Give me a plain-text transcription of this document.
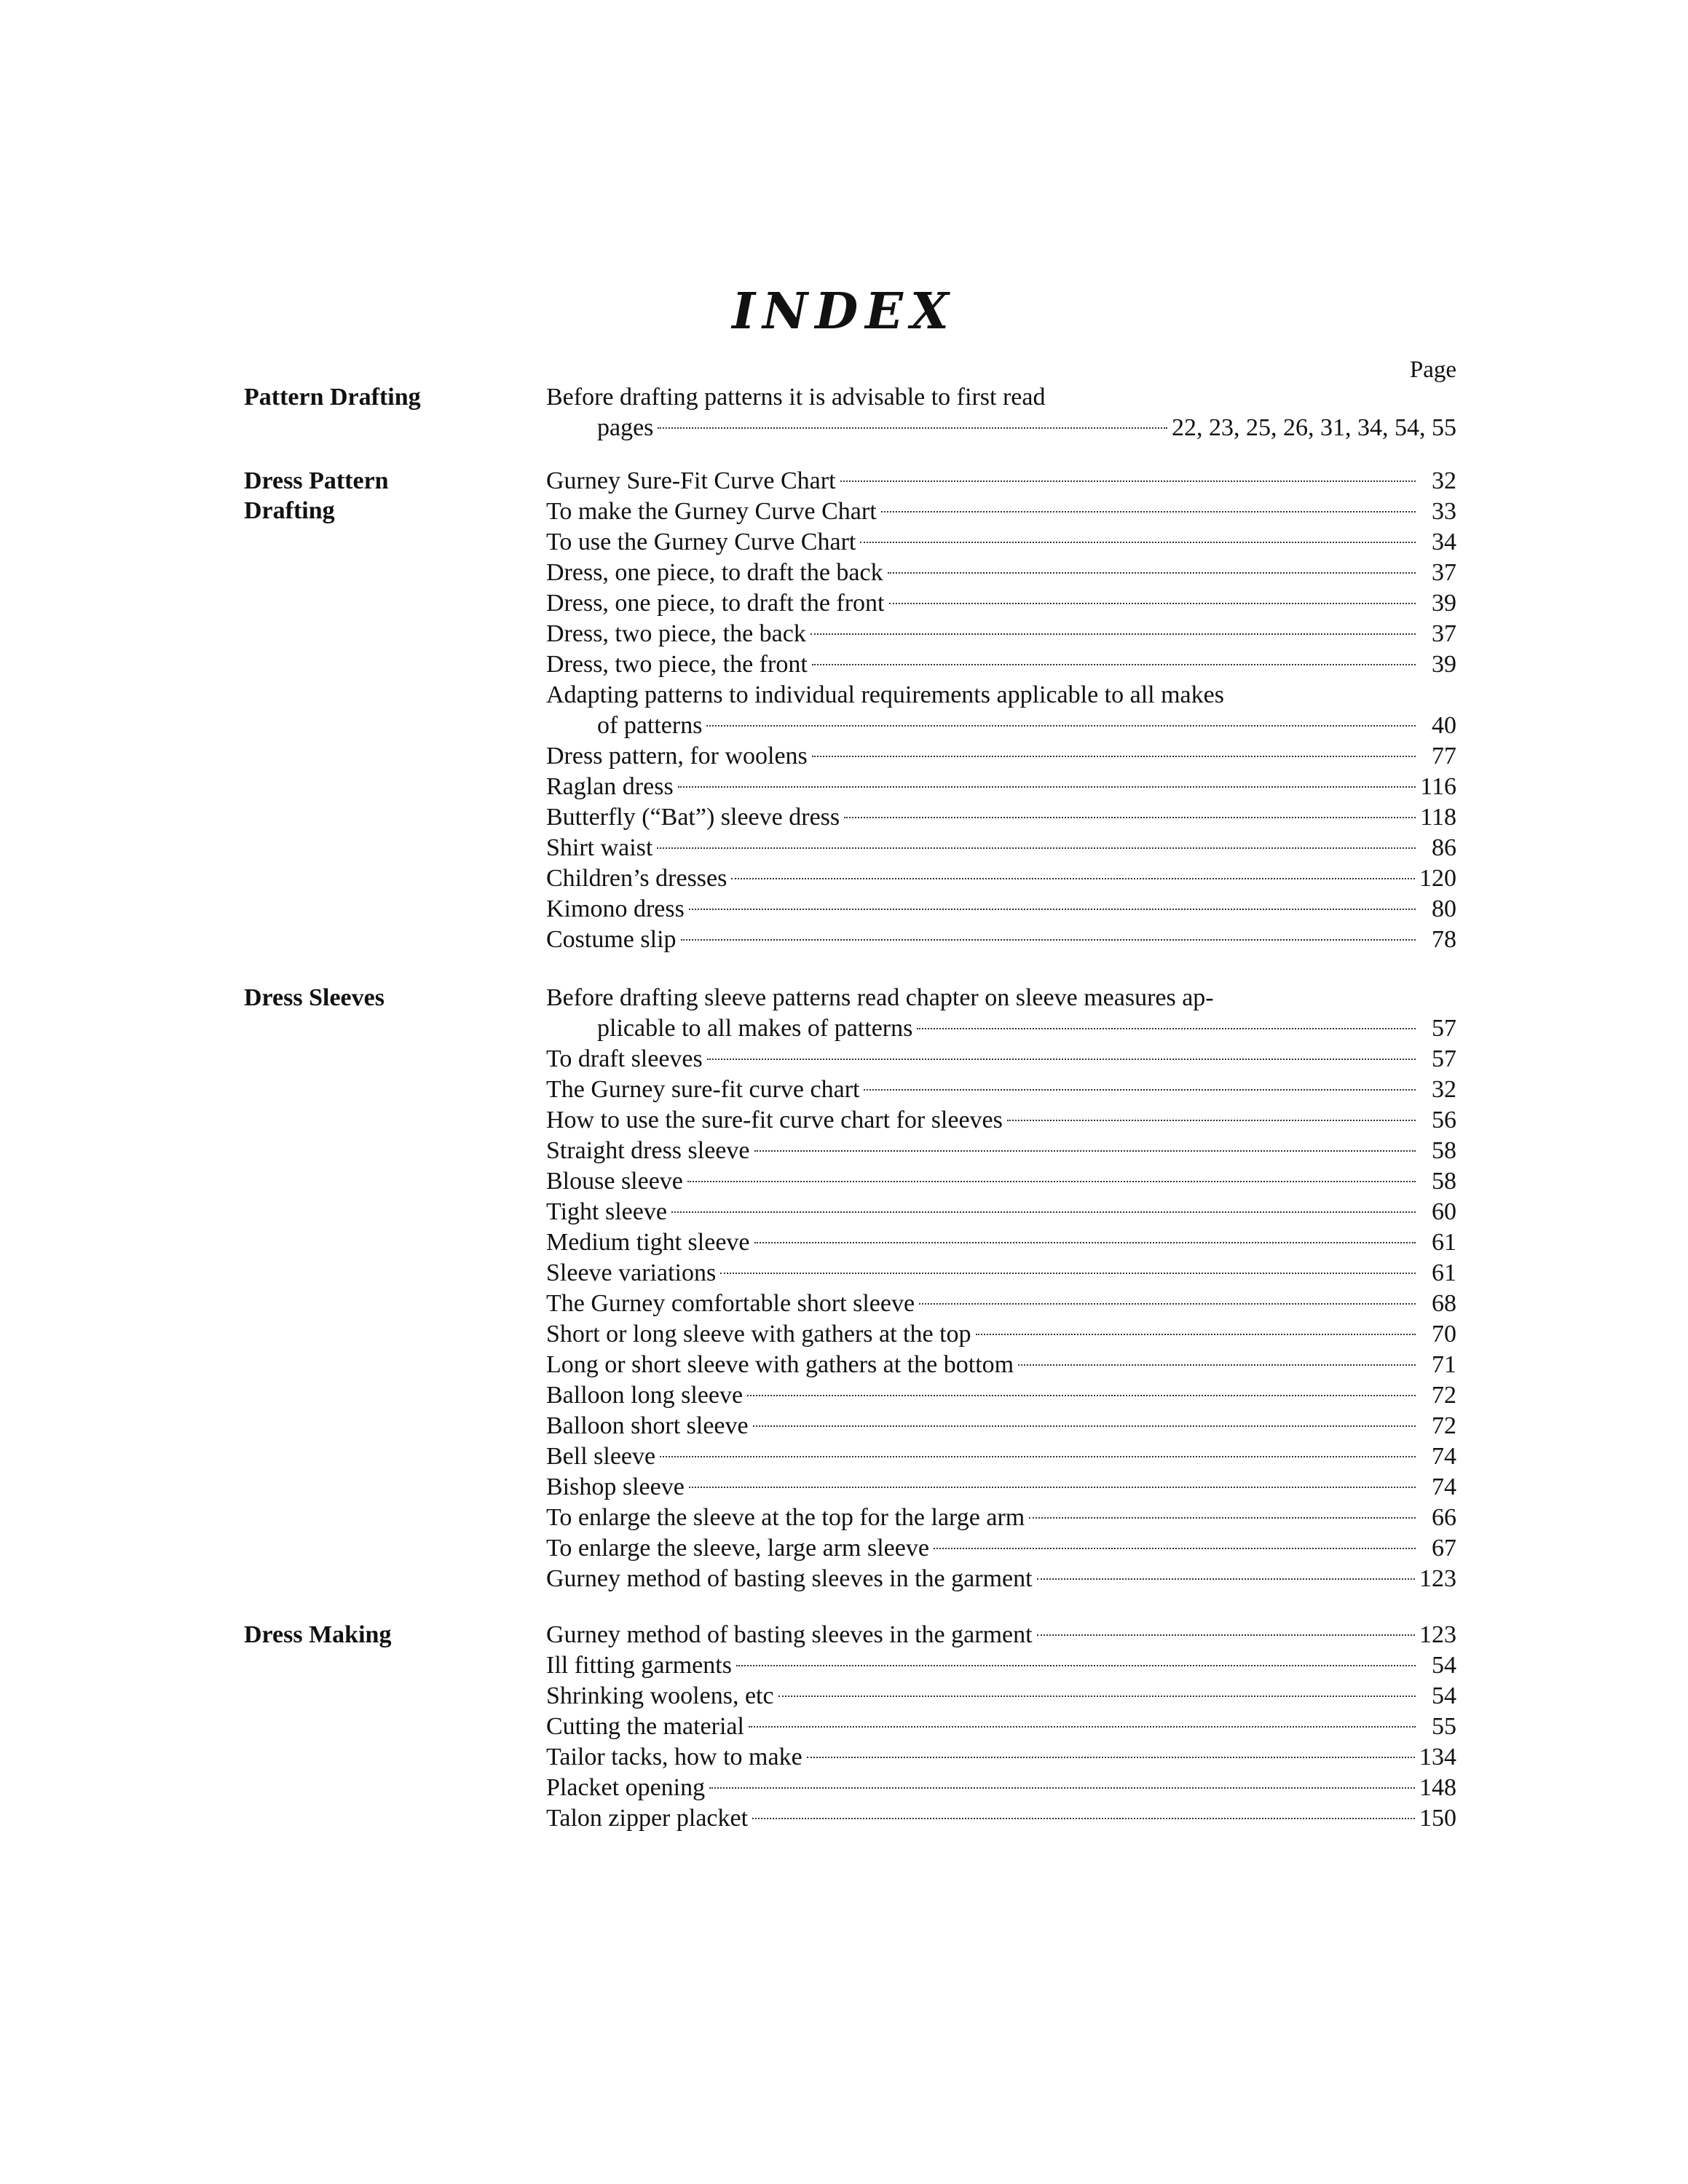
INDEX
Page
Pattern Drafting	Before drafting patterns it is advisable to first read
pages	22, 23, 25, 26, 31, 34, 54, 55
Dress Pattern
Drafting
Gurney Sure-Fit Curve Chart	32
To make the Gurney Curve Chart	33
To use the Gurney Curve Chart	34
Dress, one piece, to draft the back	37
Dress, one piece, to draft the front	39
Dress, two piece, the back	37
Dress, two piece, the front	39
Adapting patterns to individual requirements applicable to all makes
of patterns	40
Dress pattern, for woolens	77
Raglan dress	116
Butterfly (“Bat”) sleeve dress	118
Shirt waist	86
Children’s dresses	120
Kimono dress	80
Costume slip	78
Dress Sleeves	Before drafting sleeve patterns read chapter on sleeve measures ap-
plicable to all makes of patterns	57
To draft sleeves	57
The Gurney sure-fit curve chart	32
How to use the sure-fit curve chart for sleeves	56
Straight dress sleeve	58
Blouse sleeve	58
Tight sleeve	60
Medium tight sleeve	61
Sleeve variations	61
The Gurney comfortable short sleeve	68
Short or long sleeve with gathers at the top	70
Long or short sleeve with gathers at the bottom	71
Balloon long sleeve	72
Balloon short sleeve	72
Bell sleeve	74
Bishop sleeve	74
To enlarge the sleeve at the top for the large arm	66
To enlarge the sleeve, large arm sleeve	67
Gurney method of basting sleeves in the garment	123
Dress Making	Gurney method of basting sleeves in the garment	123
Ill fitting garments	54
Shrinking woolens, etc	54
Cutting the material	55
Tailor tacks, how to make	134
Placket opening	148
Talon zipper placket	150
